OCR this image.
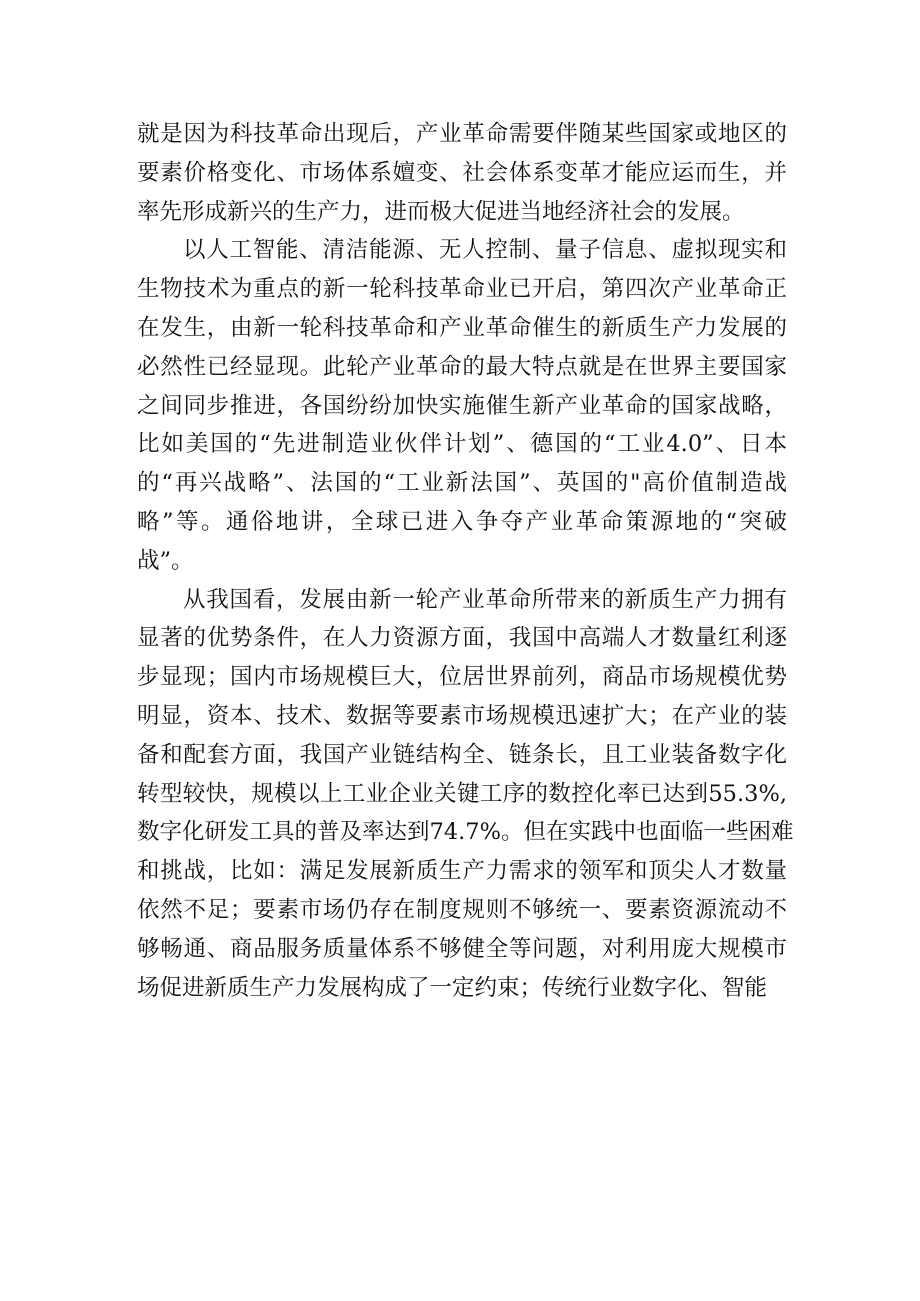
就是因为科技革命出现后，产业革命需要伴随某些国家或地区的
要素价格变化、市场体系嬗变、社会体系变革才能应运而生，并
率先形成新兴的生产力，进而极大促进当地经济社会的发展。
以人工智能、清洁能源、无人控制、量子信息、虚拟现实和
生物技术为重点的新一轮科技革命业已开启，第四次产业革命正
在发生，由新一轮科技革命和产业革命催生的新质生产力发展的
必然性已经显现。此轮产业革命的最大特点就是在世界主要国家
之间同步推进，各国纷纷加快实施催生新产业革命的国家战略，
比如美国的“先进制造业伙伴计划”、德国的“工业4.0”、日本
的“再兴战略”、法国的“工业新法国”、英国的"高价值制造战
略”等。通俗地讲，全球已进入争夺产业革命策源地的“突破
战”。
从我国看，发展由新一轮产业革命所带来的新质生产力拥有
显著的优势条件，在人力资源方面，我国中高端人才数量红利逐
步显现；国内市场规模巨大，位居世界前列，商品市场规模优势
明显，资本、技术、数据等要素市场规模迅速扩大；在产业的装
备和配套方面，我国产业链结构全、链条长，且工业装备数字化
转型较快，规模以上工业企业关键工序的数控化率已达到55.3%,
数字化研发工具的普及率达到74.7%。但在实践中也面临一些困难
和挑战，比如：满足发展新质生产力需求的领军和顶尖人才数量
依然不足；要素市场仍存在制度规则不够统一、要素资源流动不
够畅通、商品服务质量体系不够健全等问题，对利用庞大规模市
场促进新质生产力发展构成了一定约束；传统行业数字化、智能
